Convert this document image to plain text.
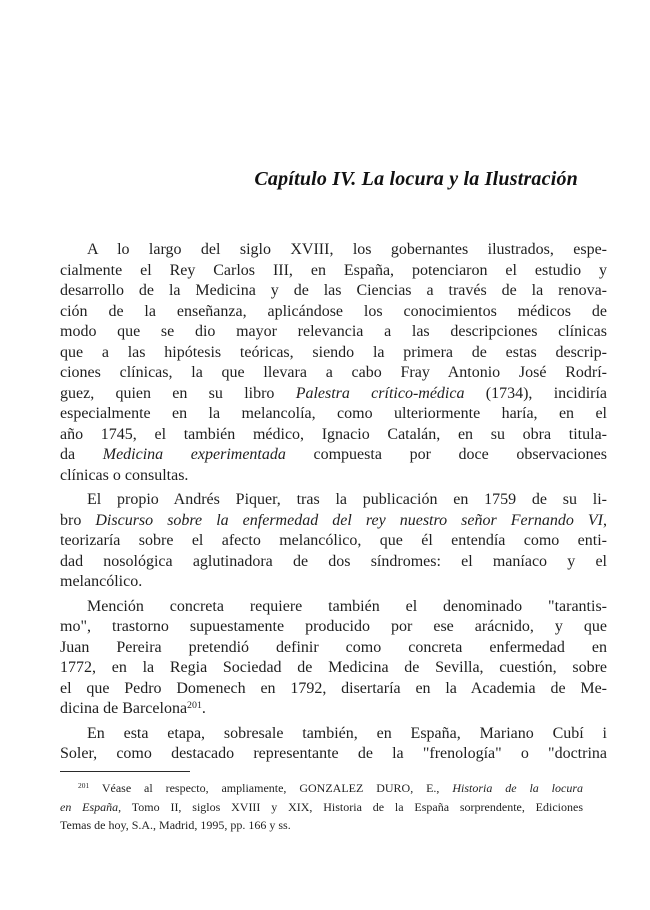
Capítulo IV. La locura y la Ilustración
A lo largo del siglo XVIII, los gobernantes ilustrados, espe-
cialmente el Rey Carlos III, en España, potenciaron el estudio y
desarrollo de la Medicina y de las Ciencias a través de la renova-
ción de la enseñanza, aplicándose los conocimientos médicos de
modo que se dio mayor relevancia a las descripciones clínicas
que a las hipótesis teóricas, siendo la primera de estas descrip-
ciones clínicas, la que llevara a cabo Fray Antonio José Rodrí-
guez, quien en su libro Palestra crítico-médica (1734), incidiría
especialmente en la melancolía, como ulteriormente haría, en el
año 1745, el también médico, Ignacio Catalán, en su obra titula-
da Medicina experimentada compuesta por doce observaciones
clínicas o consultas.
El propio Andrés Piquer, tras la publicación en 1759 de su li-
bro Discurso sobre la enfermedad del rey nuestro señor Fernando VI,
teorizaría sobre el afecto melancólico, que él entendía como enti-
dad nosológica aglutinadora de dos síndromes: el maníaco y el
melancólico.
Mención concreta requiere también el denominado "tarantis-
mo", trastorno supuestamente producido por ese arácnido, y que
Juan Pereira pretendió definir como concreta enfermedad en
1772, en la Regia Sociedad de Medicina de Sevilla, cuestión, sobre
el que Pedro Domenech en 1792, disertaría en la Academia de Me-
dicina de Barcelona$^{201}$.
En esta etapa, sobresale también, en España, Mariano Cubí i
Soler, como destacado representante de la "frenología" o "doctrina
$^{201}$ Véase al respecto, ampliamente, GONZALEZ DURO, E., Historia de la locura
en España, Tomo II, siglos XVIII y XIX, Historia de la España sorprendente, Ediciones
Temas de hoy, S.A., Madrid, 1995, pp. 166 y ss.
